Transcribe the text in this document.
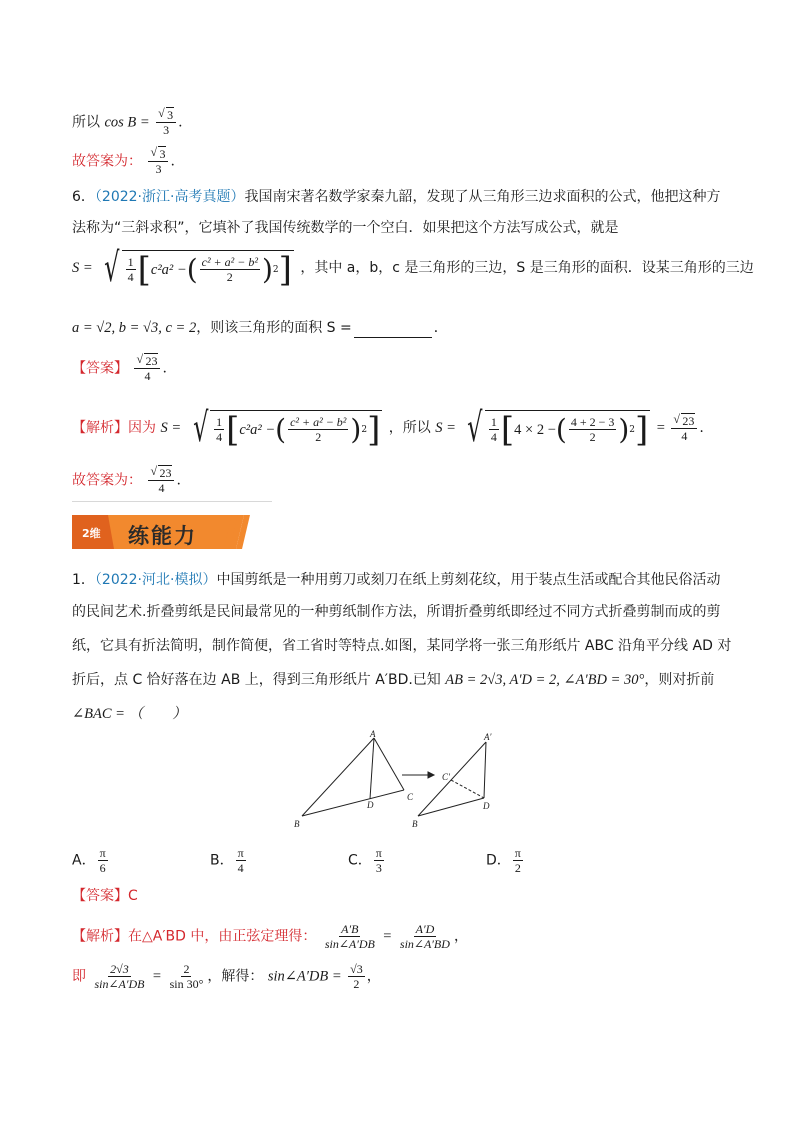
所以 cos B = √ $\frac{3}{3}$ .
故答案为： √ $\frac{3}{3}$ .
6．（2022·浙江·高考真题）我国南宋著名数学家秦九韶，发现了从三角形三边求面积的公式，他把这种方
法称为“三斜求积”，它填补了我国传统数学的一个空白．如果把这个方法写成公式，就是
S = √ $\frac{1}{4}$ [ c²a² − ( $\frac{\text{c² + a² − b²}}{2}$ ) 2 ] ，其中 a，b，c 是三角形的三边，S 是三角形的面积．设某三角形的三边
a = √2, b = √3, c = 2，则该三角形的面积 S =	．
【答案】 √ $\frac{23}{4}$ .
【解析】因为 S = √ $\frac{1}{4}$ [ c²a² − ( $\frac{\text{c² + a² − b²}}{2}$ ) 2 ] ，所以 S = √ $\frac{1}{4}$ [ 4 × 2 − ( $\frac{4 + 2 - 3}{2}$ ) 2 ] = √ $\frac{23}{4}$ .
故答案为： √ $\frac{23}{4}$ .
2维 练能力
1．（2022·河北·模拟）中国剪纸是一种用剪刀或刻刀在纸上剪刻花纹，用于装点生活或配合其他民俗活动
的民间艺术.折叠剪纸是民间最常见的一种剪纸制作方法，所谓折叠剪纸即经过不同方式折叠剪制而成的剪
纸，它具有折法简明，制作简便，省工省时等特点.如图，某同学将一张三角形纸片 ABC 沿角平分线 AD 对
折后，点 C 恰好落在边 AB 上，得到三角形纸片 A′BD.已知 AB = 2√3, A′D = 2, ∠A′BD = 30°，则对折前
∠BAC = （　　）
A
B
C
D
A′
B
C′
D
A． $\frac{\pi}{6}$	B． $\frac{\pi}{4}$	C． $\frac{\pi}{3}$	D． $\frac{\pi}{2}$
【答案】C
【解析】在△A′BD 中，由正弦定理得： $\frac{A'B}{\sin\angle A'DB} = \frac{A'D}{\sin\angle A'BD}$ ，
即 $\frac{2√3}{\sin\angle A'DB} = \frac{2}{\sin 30^\circ}$ ，解得： sin∠A′DB = $\frac{√3}{2}$ ，
